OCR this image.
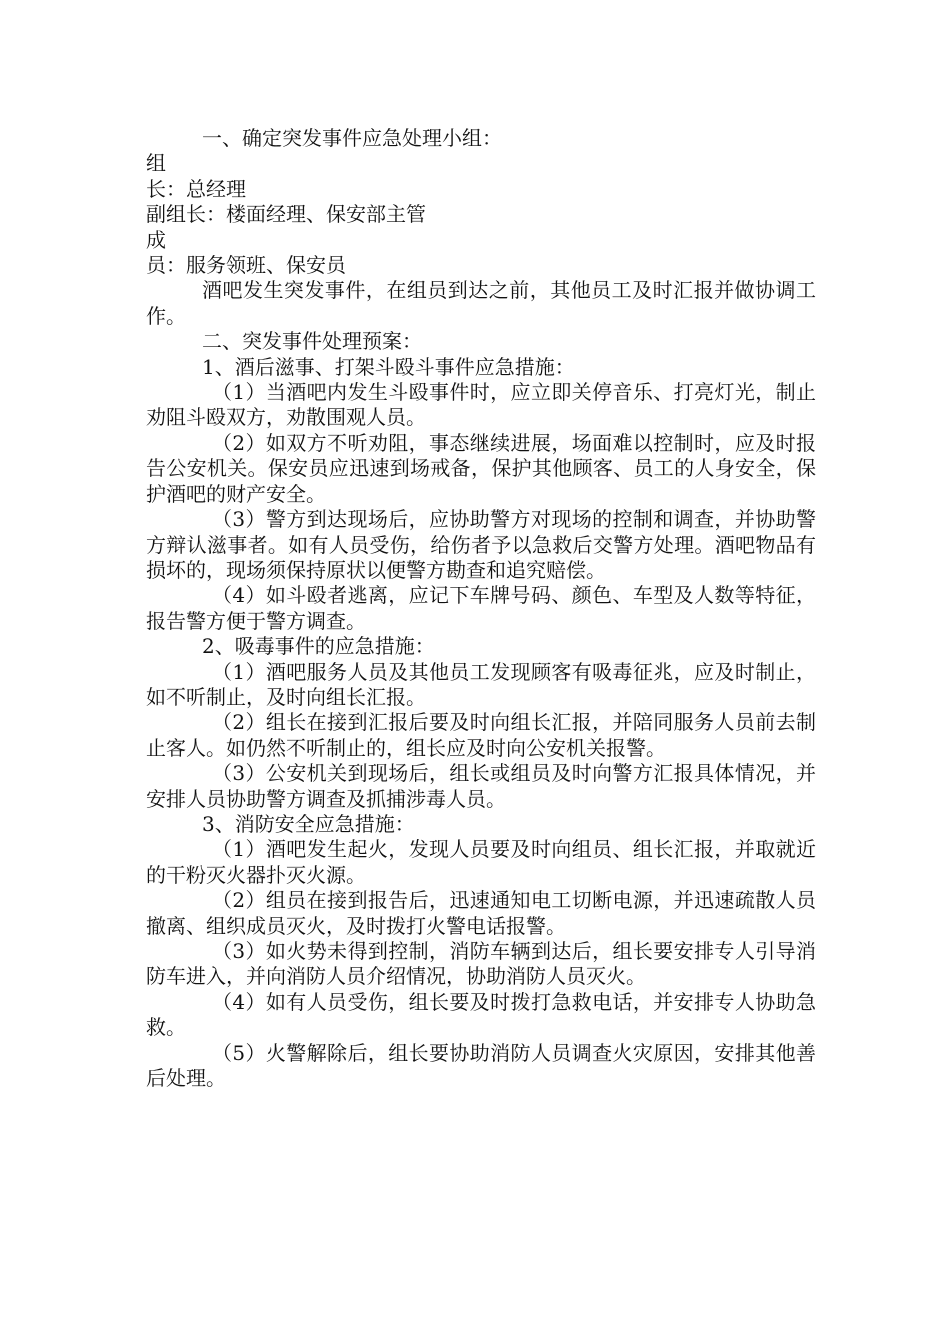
一、确定突发事件应急处理小组：

组

长：总经理

副组长：楼面经理、保安部主管

成

员：服务领班、保安员

酒吧发生突发事件，在组员到达之前，其他员工及时汇报并做协调工作。

二、突发事件处理预案：

1、酒后滋事、打架斗殴斗事件应急措施：

（1）当酒吧内发生斗殴事件时，应立即关停音乐、打亮灯光，制止劝阻斗殴双方，劝散围观人员。

（2）如双方不听劝阻，事态继续进展，场面难以控制时，应及时报告公安机关。保安员应迅速到场戒备，保护其他顾客、员工的人身安全，保护酒吧的财产安全。

（3）警方到达现场后，应协助警方对现场的控制和调查，并协助警方辩认滋事者。如有人员受伤，给伤者予以急救后交警方处理。酒吧物品有损坏的，现场须保持原状以便警方勘查和追究赔偿。

（4）如斗殴者逃离，应记下车牌号码、颜色、车型及人数等特征，报告警方便于警方调查。

2、吸毒事件的应急措施：

（1）酒吧服务人员及其他员工发现顾客有吸毒征兆，应及时制止，如不听制止，及时向组长汇报。

（2）组长在接到汇报后要及时向组长汇报，并陪同服务人员前去制止客人。如仍然不听制止的，组长应及时向公安机关报警。

（3）公安机关到现场后，组长或组员及时向警方汇报具体情况，并安排人员协助警方调查及抓捕涉毒人员。

3、消防安全应急措施：

（1）酒吧发生起火，发现人员要及时向组员、组长汇报，并取就近的干粉灭火器扑灭火源。

（2）组员在接到报告后，迅速通知电工切断电源，并迅速疏散人员撤离、组织成员灭火，及时拨打火警电话报警。

（3）如火势未得到控制，消防车辆到达后，组长要安排专人引导消防车进入，并向消防人员介绍情况，协助消防人员灭火。

（4）如有人员受伤，组长要及时拨打急救电话，并安排专人协助急救。

（5）火警解除后，组长要协助消防人员调查火灾原因，安排其他善后处理。
